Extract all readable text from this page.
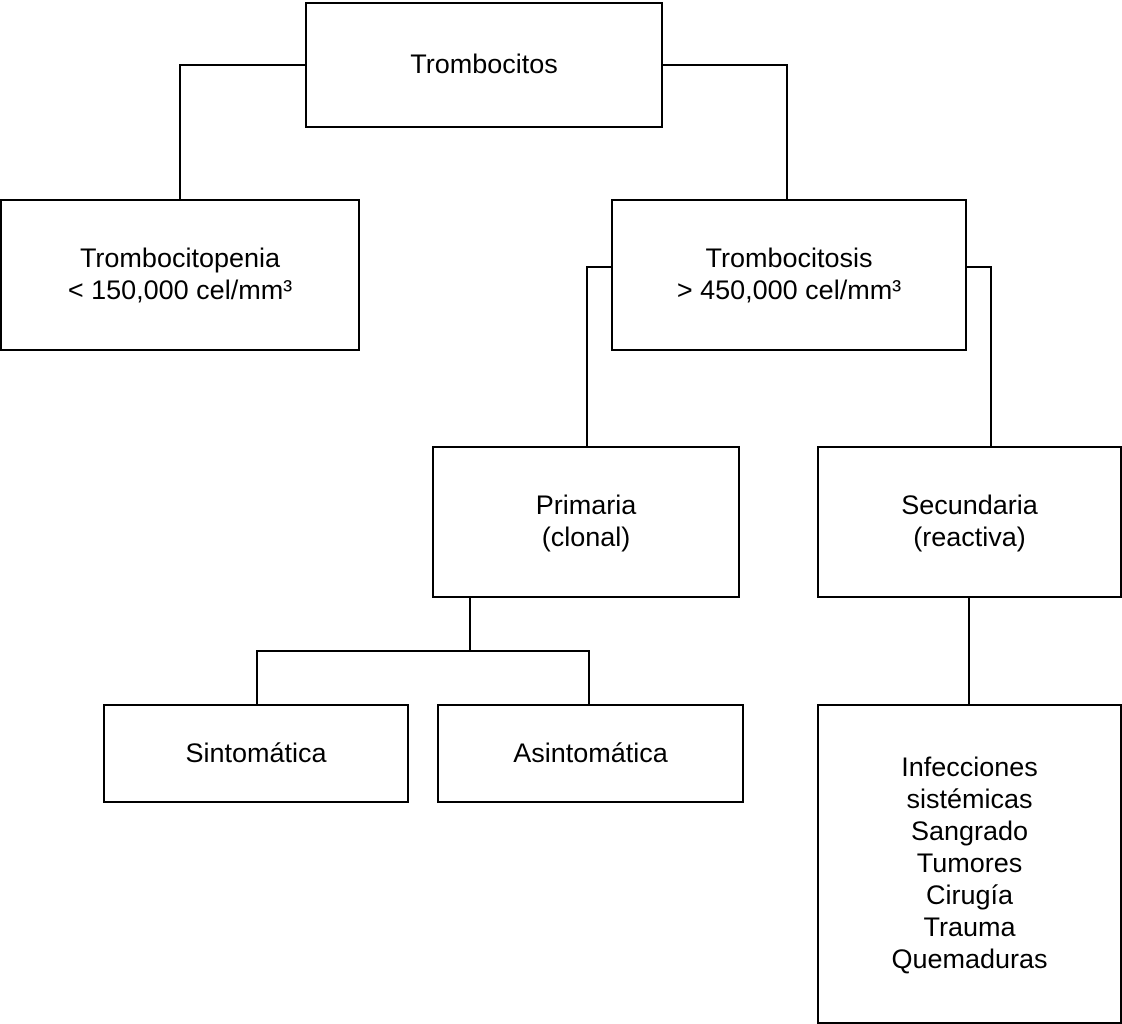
Trombocitos
Trombocitopenia
< 150,000 cel/mm³
Trombocitosis
> 450,000 cel/mm³
Primaria
(clonal)
Secundaria
(reactiva)
Sintomática	Asintomática	Infecciones
sistémicas
Sangrado
Tumores
Cirugía
Trauma
Quemaduras
